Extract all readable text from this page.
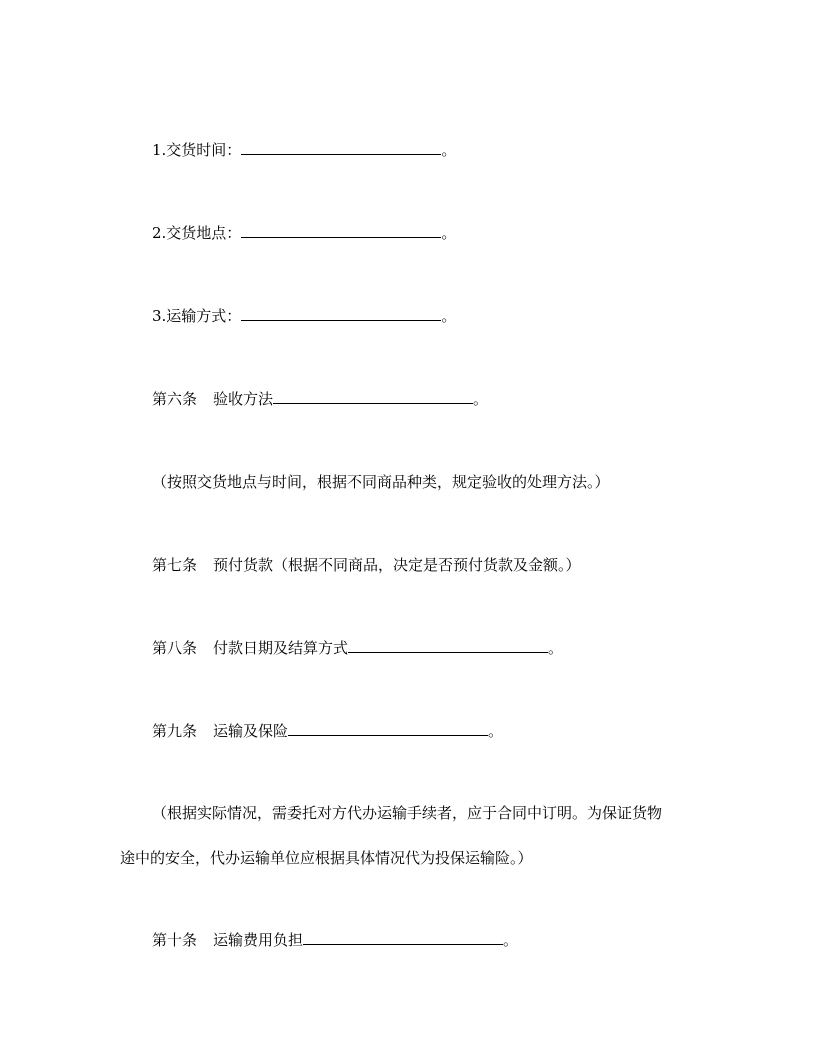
1.交货时间：	。
2.交货地点：	。
3.运输方式：	。
第六条 验收方法	。
（按照交货地点与时间，根据不同商品种类，规定验收的处理方法。）
第七条 预付货款（根据不同商品，决定是否预付货款及金额。）
第八条 付款日期及结算方式	。
第九条 运输及保险	。
（根据实际情况，需委托对方代办运输手续者，应于合同中订明。为保证货物
途中的安全，代办运输单位应根据具体情况代为投保运输险。）
第十条 运输费用负担	。
